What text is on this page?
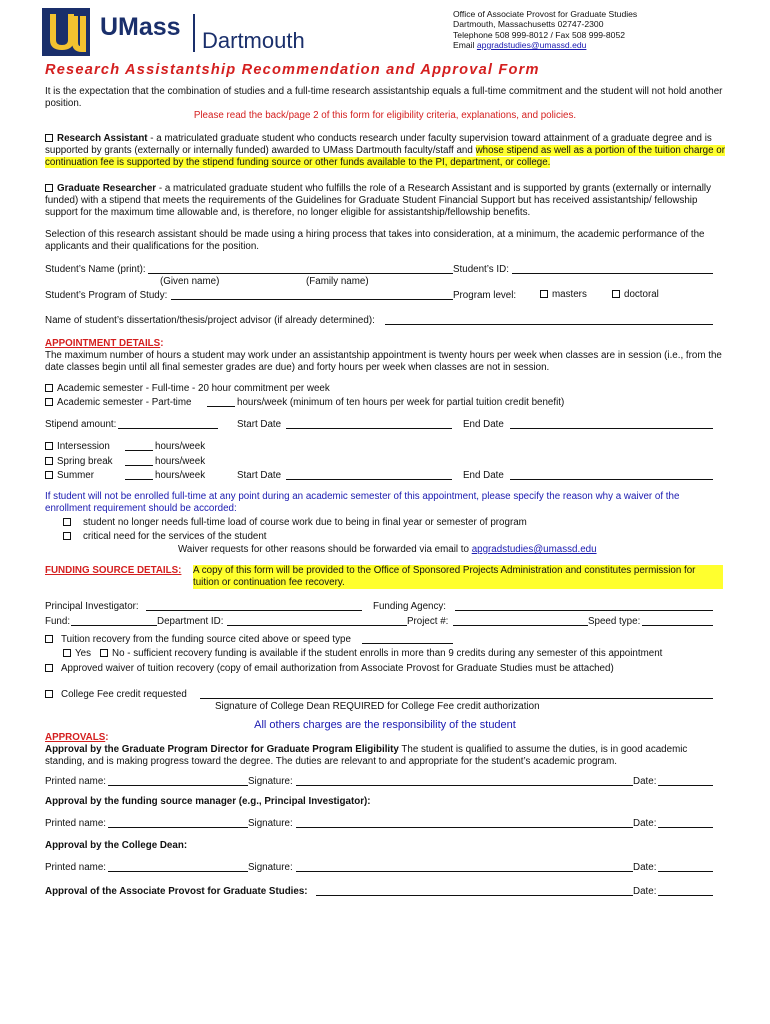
UMass Dartmouth
Office of Associate Provost for Graduate Studies
Dartmouth, Massachusetts 02747-2300
Telephone 508 999-8012 / Fax 508 999-8052
Email apgradstudies@umassd.edu
Research Assistantship Recommendation and Approval Form
It is the expectation that the combination of studies and a full-time research assistantship equals a full-time commitment and the student will not hold another position.
Please read the back/page 2 of this form for eligibility criteria, explanations, and policies.
Research Assistant - a matriculated graduate student who conducts research under faculty supervision toward attainment of a graduate degree and is supported by grants (externally or internally funded) awarded to UMass Dartmouth faculty/staff and whose stipend as well as a portion of the tuition charge or continuation fee is supported by the stipend funding source or other funds available to the PI, department, or college.
Graduate Researcher - a matriculated graduate student who fulfills the role of a Research Assistant and is supported by grants (externally or internally funded) with a stipend that meets the requirements of the Guidelines for Graduate Student Financial Support but has received assistantship/ fellowship support for the maximum time allowable and, is therefore, no longer eligible for assistantship/fellowship benefits.
Selection of this research assistant should be made using a hiring process that takes into consideration, at a minimum, the academic performance of the applicants and their qualifications for the position.
Student’s Name (print):	Student’s ID:
(Given name)	(Family name)
Student’s Program of Study:	Program level:	masters	doctoral
Name of student’s dissertation/thesis/project advisor (if already determined):
APPOINTMENT DETAILS:
The maximum number of hours a student may work under an assistantship appointment is twenty hours per week when classes are in session (i.e., from the date classes begin until all final semester grades are due) and forty hours per week when classes are not in session.
Academic semester - Full-time - 20 hour commitment per week
Academic semester - Part-time	hours/week (minimum of ten hours per week for partial tuition credit benefit)
Stipend amount:	Start Date	End Date
Intersession	hours/week
Spring break	hours/week
Summer	hours/week	Start Date	End Date
If student will not be enrolled full-time at any point during an academic semester of this appointment, please specify the reason why a waiver of the enrollment requirement should be accorded:
student no longer needs full-time load of course work due to being in final year or semester of program
critical need for the services of the student
Waiver requests for other reasons should be forwarded via email to apgradstudies@umassd.edu
FUNDING SOURCE DETAILS: A copy of this form will be provided to the Office of Sponsored Projects Administration and constitutes permission for tuition or continuation fee recovery.
Principal Investigator:	Funding Agency:
Fund:	Department ID:	Project #:	Speed type:
Tuition recovery from the funding source cited above or speed type
Yes	No - sufficient recovery funding is available if the student enrolls in more than 9 credits during any semester of this appointment
Approved waiver of tuition recovery (copy of email authorization from Associate Provost for Graduate Studies must be attached)
College Fee credit requested
Signature of College Dean REQUIRED for College Fee credit authorization
All others charges are the responsibility of the student
APPROVALS:
Approval by the Graduate Program Director for Graduate Program Eligibility The student is qualified to assume the duties, is in good academic standing, and is making progress toward the degree. The duties are relevant to and appropriate for the student’s academic program.
Printed name:	Signature:	Date:
Approval by the funding source manager (e.g., Principal Investigator):
Printed name:	Signature:	Date:
Approval by the College Dean:
Printed name:	Signature:	Date:
Approval of the Associate Provost for Graduate Studies:	Date:
